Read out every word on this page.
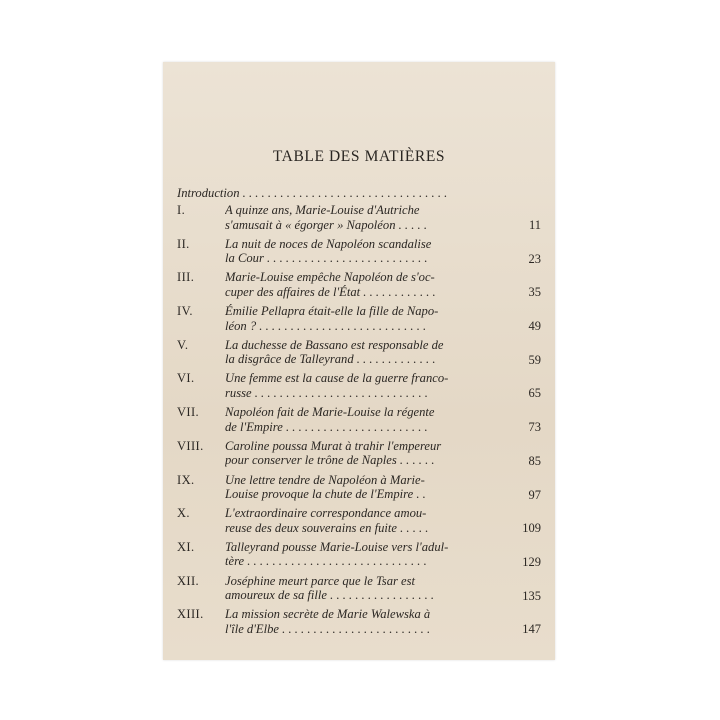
TABLE DES MATIÈRES
Introduction . . . . . . . . . . . . . . . . . . . . . . . . . . . . . . . . .
I.	A quinze ans, Marie-Louise d'Autriche
s'amusait à « égorger » Napoléon . . . . .	11
II.	La nuit de noces de Napoléon scandalise
la Cour . . . . . . . . . . . . . . . . . . . . . . . . . .	23
III. Marie-Louise empêche Napoléon de s'oc-
cuper des affaires de l'État . . . . . . . . . . . .	35
IV.	Émilie Pellapra était-elle la fille de Napo-
léon ? . . . . . . . . . . . . . . . . . . . . . . . . . . .	49
V.	La duchesse de Bassano est responsable de
la disgrâce de Talleyrand . . . . . . . . . . . . .	59
VI. Une femme est la cause de la guerre franco-
russe . . . . . . . . . . . . . . . . . . . . . . . . . . . .	65
VII. Napoléon fait de Marie-Louise la régente
de l'Empire . . . . . . . . . . . . . . . . . . . . . . .	73
VIII. Caroline poussa Murat à trahir l'empereur
pour conserver le trône de Naples . . . . . .	85
IX. Une lettre tendre de Napoléon à Marie-
Louise provoque la chute de l'Empire . .	97
X.	L'extraordinaire correspondance amou-
reuse des deux souverains en fuite . . . . .	109
XI. Talleyrand pousse Marie-Louise vers l'adul-
tère . . . . . . . . . . . . . . . . . . . . . . . . . . . . .	129
XII. Joséphine meurt parce que le Tsar est
amoureux de sa fille . . . . . . . . . . . . . . . . .	135
XIII. La mission secrète de Marie Walewska à
l'île d'Elbe . . . . . . . . . . . . . . . . . . . . . . . .	147
